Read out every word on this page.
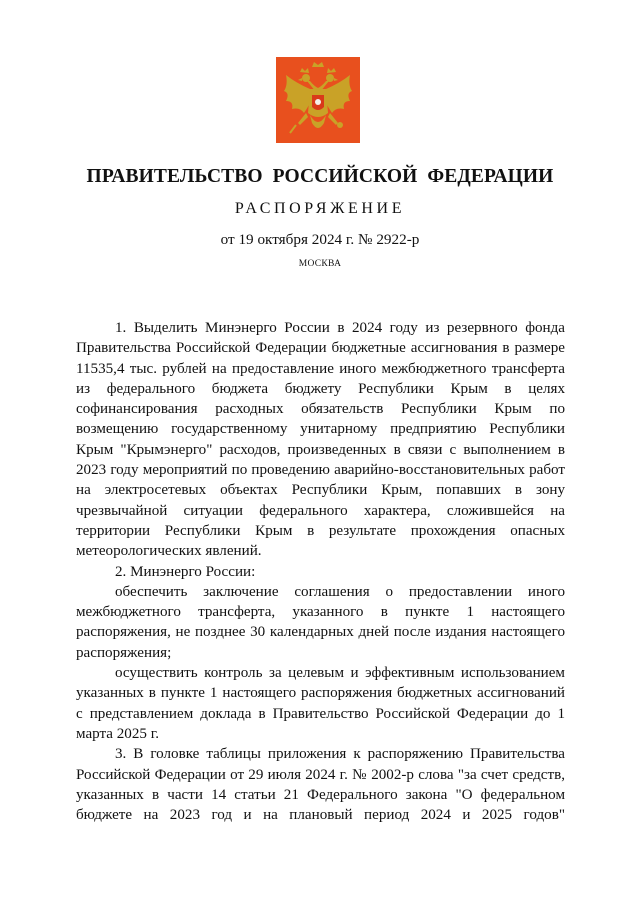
ПРАВИТЕЛЬСТВО РОССИЙСКОЙ ФЕДЕРАЦИИ
РАСПОРЯЖЕНИЕ
от 19 октября 2024 г. № 2922-р
МОСКВА

1. Выделить Минэнерго России в 2024 году из резервного фонда Правительства Российской Федерации бюджетные ассигнования в размере 11535,4 тыс. рублей на предоставление иного межбюджетного трансферта из федерального бюджета бюджету Республики Крым в целях софинансирования расходных обязательств Республики Крым по возмещению государственному унитарному предприятию Республики Крым "Крымэнерго" расходов, произведенных в связи с выполнением в 2023 году мероприятий по проведению аварийно-восстановительных работ на электросетевых объектах Республики Крым, попавших в зону чрезвычайной ситуации федерального характера, сложившейся на территории Республики Крым в результате прохождения опасных метеорологических явлений.

2. Минэнерго России:

обеспечить заключение соглашения о предоставлении иного межбюджетного трансферта, указанного в пункте 1 настоящего распоряжения, не позднее 30 календарных дней после издания настоящего распоряжения;

осуществить контроль за целевым и эффективным использованием указанных в пункте 1 настоящего распоряжения бюджетных ассигнований с представлением доклада в Правительство Российской Федерации до 1 марта 2025 г.

3. В головке таблицы приложения к распоряжению Правительства Российской Федерации от 29 июля 2024 г. № 2002-р слова "за счет средств, указанных в части 14 статьи 21 Федерального закона "О федеральном бюджете на 2023 год и на плановый период 2024 и 2025 годов"
